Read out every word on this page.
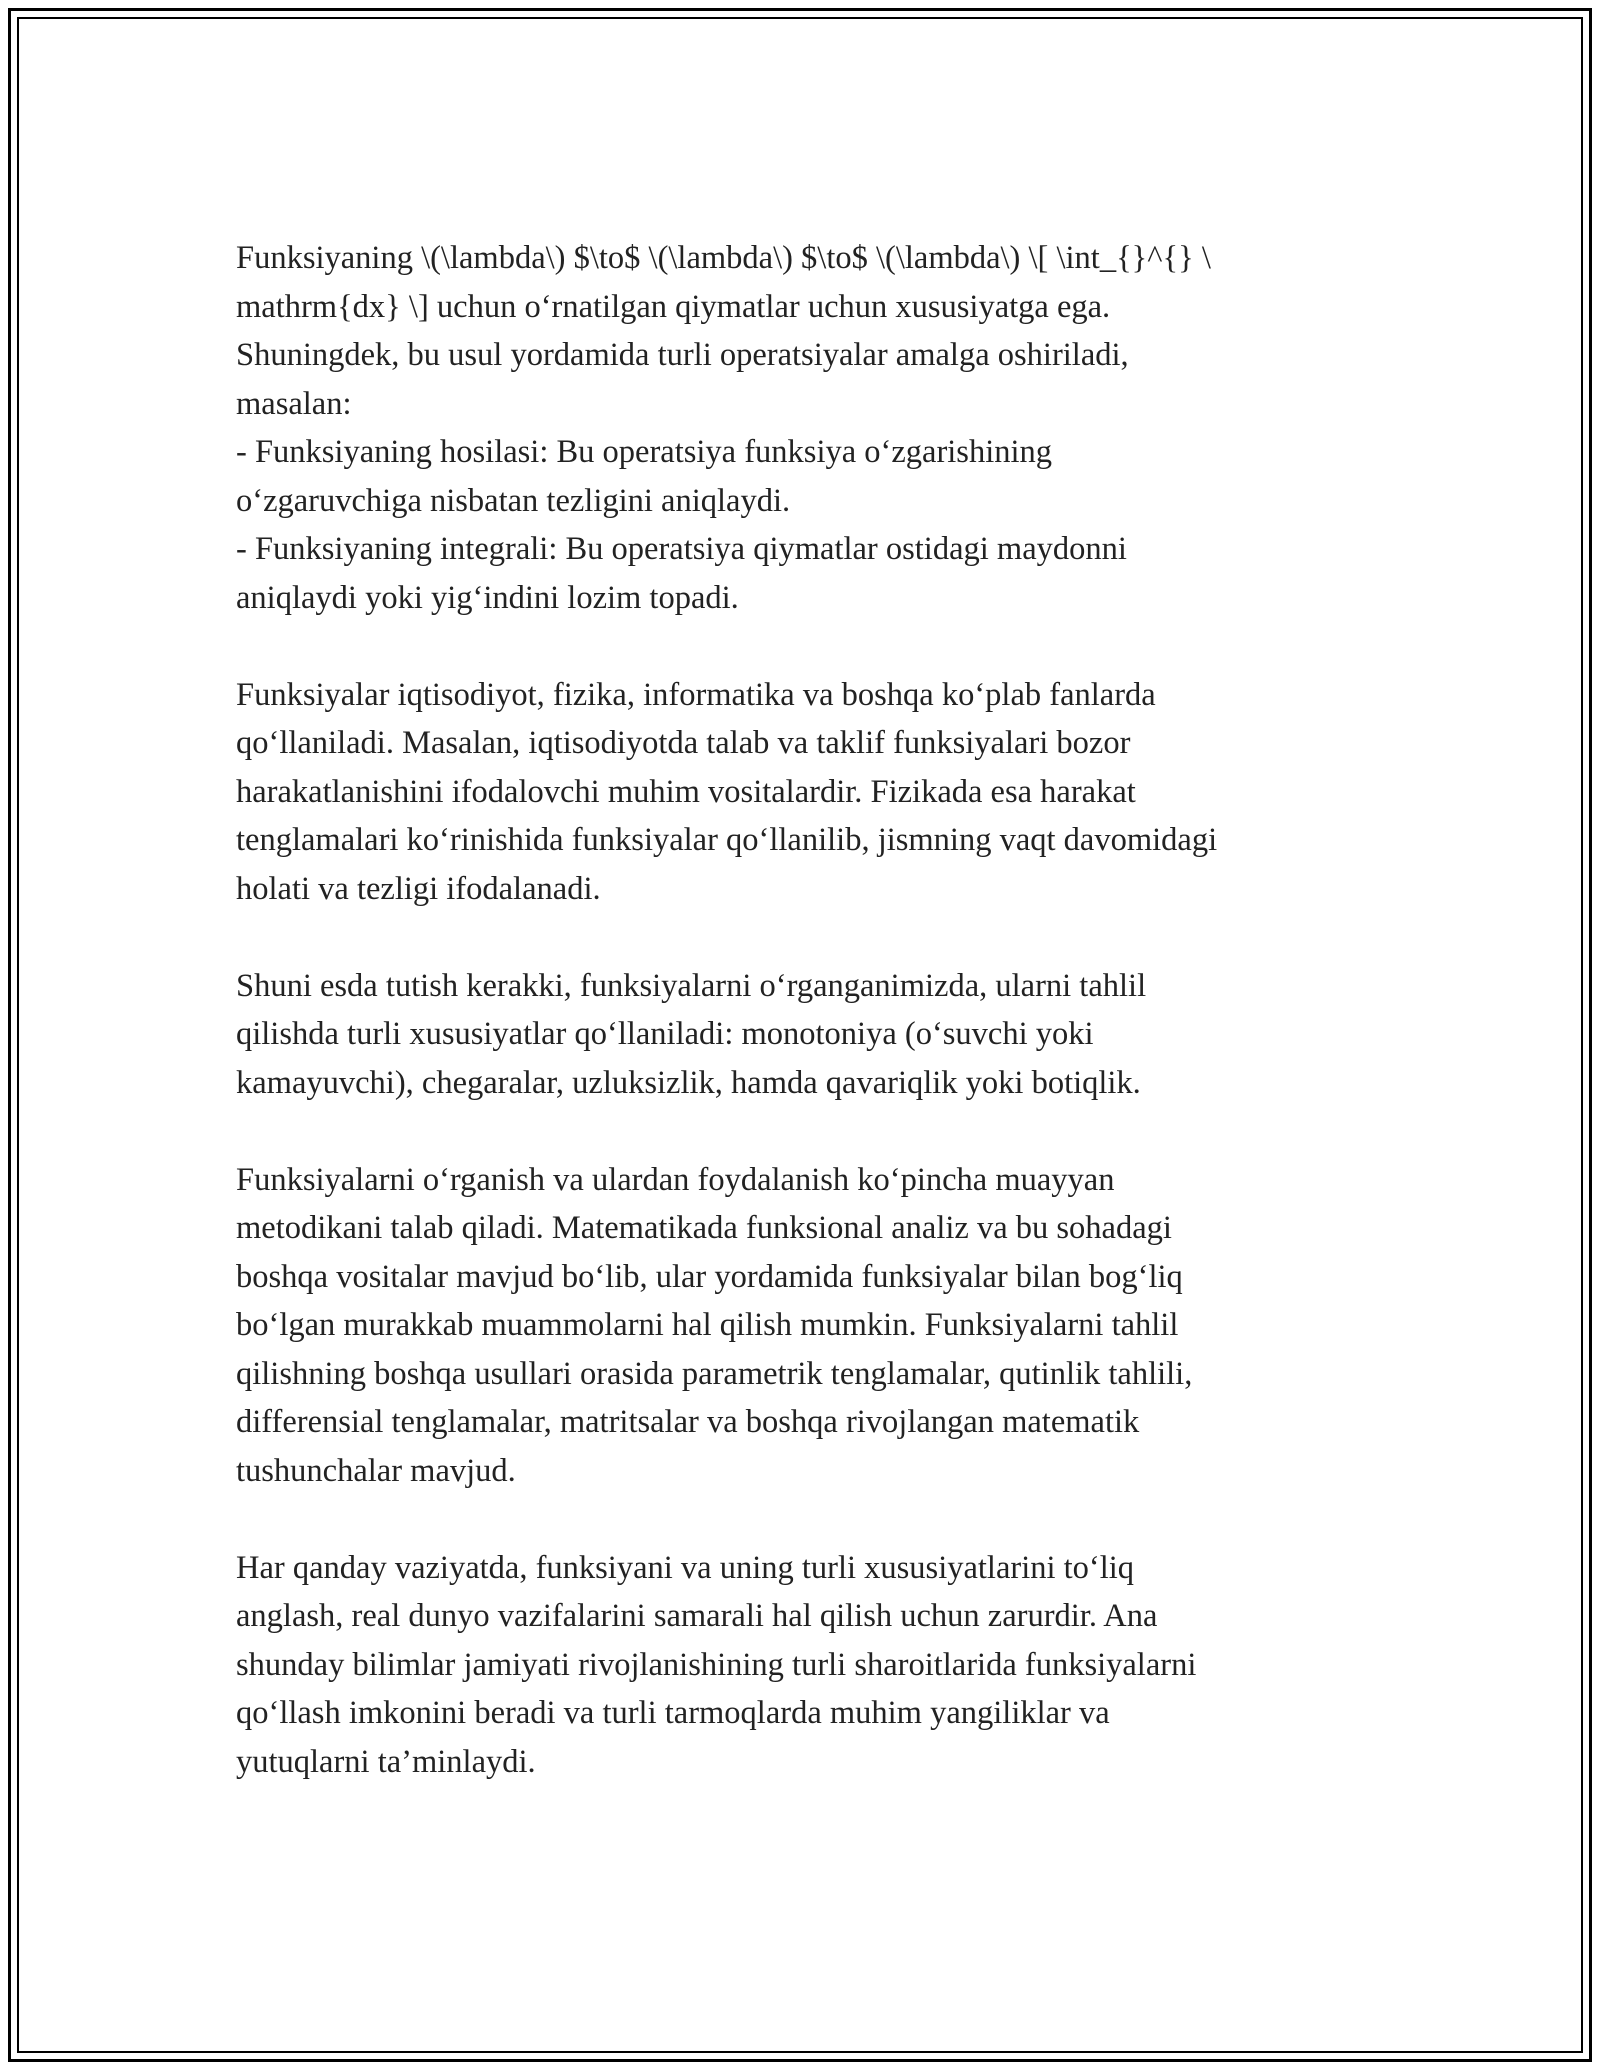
Funksiyaning \(\lambda\) $\to$ \(\lambda\) $\to$ \(\lambda\) \[ \int_{}^{} \
mathrm{dx} \] uchun o‘rnatilgan qiymatlar uchun xususiyatga ega.
Shuningdek, bu usul yordamida turli operatsiyalar amalga oshiriladi,
masalan:
- Funksiyaning hosilasi: Bu operatsiya funksiya o‘zgarishining
o‘zgaruvchiga nisbatan tezligini aniqlaydi.
- Funksiyaning integrali: Bu operatsiya qiymatlar ostidagi maydonni
aniqlaydi yoki yig‘indini lozim topadi.

Funksiyalar iqtisodiyot, fizika, informatika va boshqa ko‘plab fanlarda
qo‘llaniladi. Masalan, iqtisodiyotda talab va taklif funksiyalari bozor
harakatlanishini ifodalovchi muhim vositalardir. Fizikada esa harakat
tenglamalari ko‘rinishida funksiyalar qo‘llanilib, jismning vaqt davomidagi
holati va tezligi ifodalanadi.

Shuni esda tutish kerakki, funksiyalarni o‘rganganimizda, ularni tahlil
qilishda turli xususiyatlar qo‘llaniladi: monotoniya (o‘suvchi yoki
kamayuvchi), chegaralar, uzluksizlik, hamda qavariqlik yoki botiqlik.

Funksiyalarni o‘rganish va ulardan foydalanish ko‘pincha muayyan
metodikani talab qiladi. Matematikada funksional analiz va bu sohadagi
boshqa vositalar mavjud bo‘lib, ular yordamida funksiyalar bilan bog‘liq
bo‘lgan murakkab muammolarni hal qilish mumkin. Funksiyalarni tahlil
qilishning boshqa usullari orasida parametrik tenglamalar, qutinlik tahlili,
differensial tenglamalar, matritsalar va boshqa rivojlangan matematik
tushunchalar mavjud.

Har qanday vaziyatda, funksiyani va uning turli xususiyatlarini to‘liq
anglash, real dunyo vazifalarini samarali hal qilish uchun zarurdir. Ana
shunday bilimlar jamiyati rivojlanishining turli sharoitlarida funksiyalarni
qo‘llash imkonini beradi va turli tarmoqlarda muhim yangiliklar va
yutuqlarni ta’minlaydi.
